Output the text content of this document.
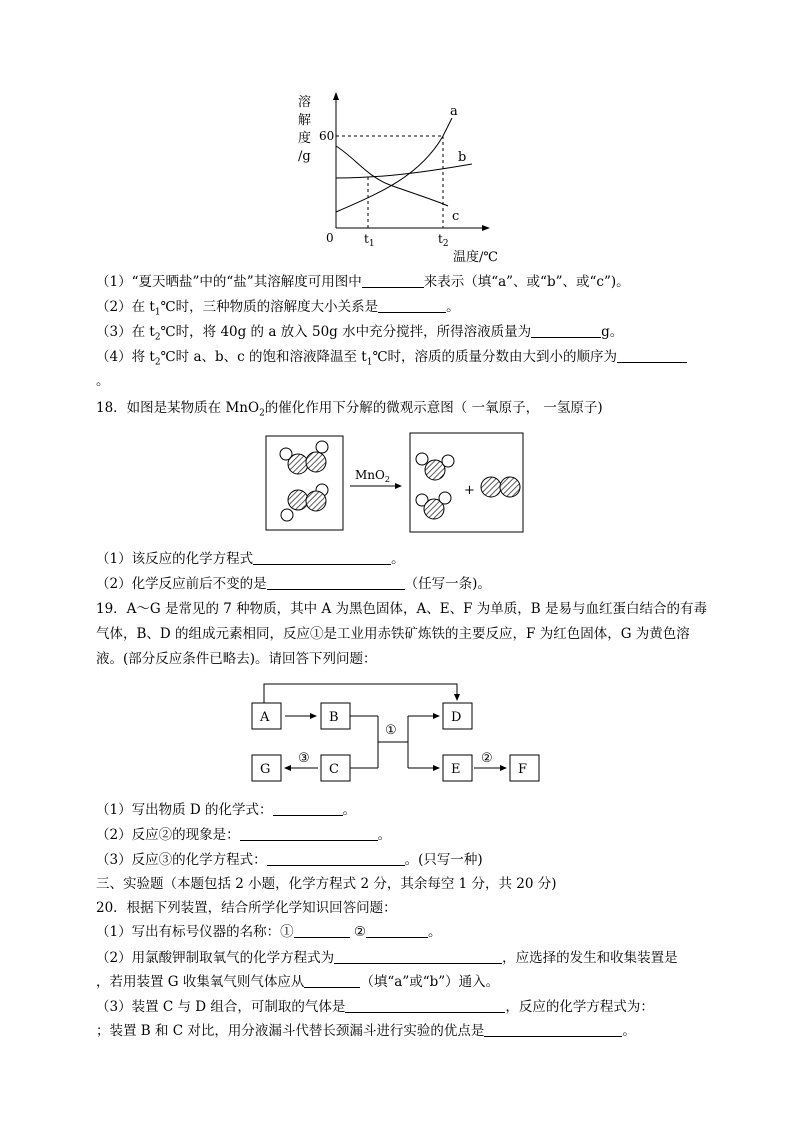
溶
解
度
/g
60
0	$t_1$	$t_2$
a
b
c
温度/℃
（1）“夏天晒盐”中的“盐”其溶解度可用图中	来表示（填“a”、或“b”、或“c”)。
（2）在 $t_1℃$时，三种物质的溶解度大小关系是	。
（3）在 $t_2℃$时，将 40g 的 a 放入 50g 水中充分搅拌，所得溶液质量为	g。
（4）将 $t_2℃$时 a、b、c 的饱和溶液降温至 $t_1℃$时，溶质的质量分数由大到小的顺序为
。
18．如图是某物质在 MnO$_2$的催化作用下分解的微观示意图（ 一氧原子， 一氢原子)
MnO$_2$
+
（1）该反应的化学方程式	。
（2）化学反应前后不变的是	（任写一条)。
19．A～G 是常见的 7 种物质，其中 A 为黑色固体，A、E、F 为单质，B 是易与血红蛋白结合的有毒
气体，B、D 的组成元素相同，反应①是工业用赤铁矿炼铁的主要反应，F 为红色固体，G 为黄色溶
液。(部分反应条件已略去)。请回答下列问题：
A	B	D
G	C	E	F
①
②
③
（1）写出物质 D 的化学式：	。
（2）反应②的现象是：	。
（3）反应③的化学方程式：	。(只写一种)
三、实验题（本题包括 2 小题，化学方程式 2 分，其余每空 1 分，共 20 分)
20．根据下列装置，结合所学化学知识回答问题：
（1）写出有标号仪器的名称：①	②	。
（2）用氯酸钾制取氧气的化学方程式为	，应选择的发生和收集装置是
，若用装置 G 收集氧气则气体应从	（填“a”或“b”）通入。
（3）装置 C 与 D 组合，可制取的气体是	，反应的化学方程式为：
；装置 B 和 C 对比，用分液漏斗代替长颈漏斗进行实验的优点是	。
